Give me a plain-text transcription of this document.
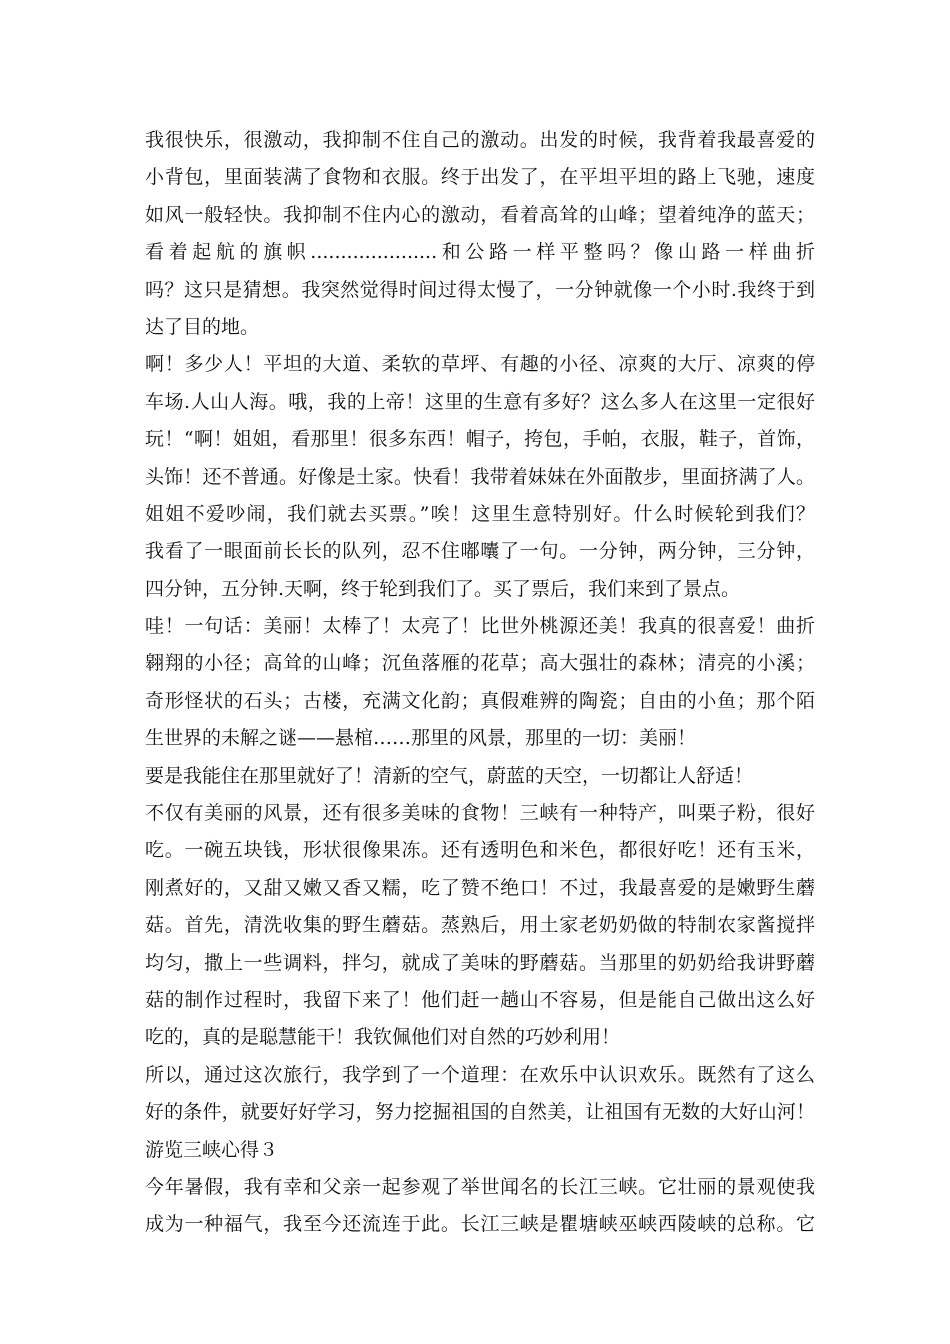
我很快乐，很激动，我抑制不住自己的激动。出发的时候，我背着我最喜爱的
小背包，里面装满了食物和衣服。终于出发了，在平坦平坦的路上飞驰，速度
如风一般轻快。我抑制不住内心的激动，看着高耸的山峰；望着纯净的蓝天；
看着起航的旗帜.....................和公路一样平整吗？像山路一样曲折
吗？这只是猜想。我突然觉得时间过得太慢了，一分钟就像一个小时.我终于到
达了目的地。
啊！多少人！平坦的大道、柔软的草坪、有趣的小径、凉爽的大厅、凉爽的停
车场.人山人海。哦，我的上帝！这里的生意有多好？这么多人在这里一定很好
玩！“啊！姐姐，看那里！很多东西！帽子，挎包，手帕，衣服，鞋子，首饰，
头饰！还不普通。好像是土家。快看！我带着妹妹在外面散步，里面挤满了人。
姐姐不爱吵闹，我们就去买票。”唉！这里生意特别好。什么时候轮到我们？
我看了一眼面前长长的队列，忍不住嘟囔了一句。一分钟，两分钟，三分钟，
四分钟，五分钟.天啊，终于轮到我们了。买了票后，我们来到了景点。
哇！一句话：美丽！太棒了！太亮了！比世外桃源还美！我真的很喜爱！曲折
翱翔的小径；高耸的山峰；沉鱼落雁的花草；高大强壮的森林；清亮的小溪；
奇形怪状的石头；古楼，充满文化韵；真假难辨的陶瓷；自由的小鱼；那个陌
生世界的未解之谜——悬棺……那里的风景，那里的一切：美丽！
要是我能住在那里就好了！清新的空气，蔚蓝的天空，一切都让人舒适！
不仅有美丽的风景，还有很多美味的食物！三峡有一种特产，叫栗子粉，很好
吃。一碗五块钱，形状很像果冻。还有透明色和米色，都很好吃！还有玉米，
刚煮好的，又甜又嫩又香又糯，吃了赞不绝口！不过，我最喜爱的是嫩野生蘑
菇。首先，清洗收集的野生蘑菇。蒸熟后，用土家老奶奶做的特制农家酱搅拌
均匀，撒上一些调料，拌匀，就成了美味的野蘑菇。当那里的奶奶给我讲野蘑
菇的制作过程时，我留下来了！他们赶一趟山不容易，但是能自己做出这么好
吃的，真的是聪慧能干！我钦佩他们对自然的巧妙利用！
所以，通过这次旅行，我学到了一个道理：在欢乐中认识欢乐。既然有了这么
好的条件，就要好好学习，努力挖掘祖国的自然美，让祖国有无数的大好山河！
游览三峡心得３
今年暑假，我有幸和父亲一起参观了举世闻名的长江三峡。它壮丽的景观使我
成为一种福气，我至今还流连于此。长江三峡是瞿塘峡巫峡西陵峡的总称。它
